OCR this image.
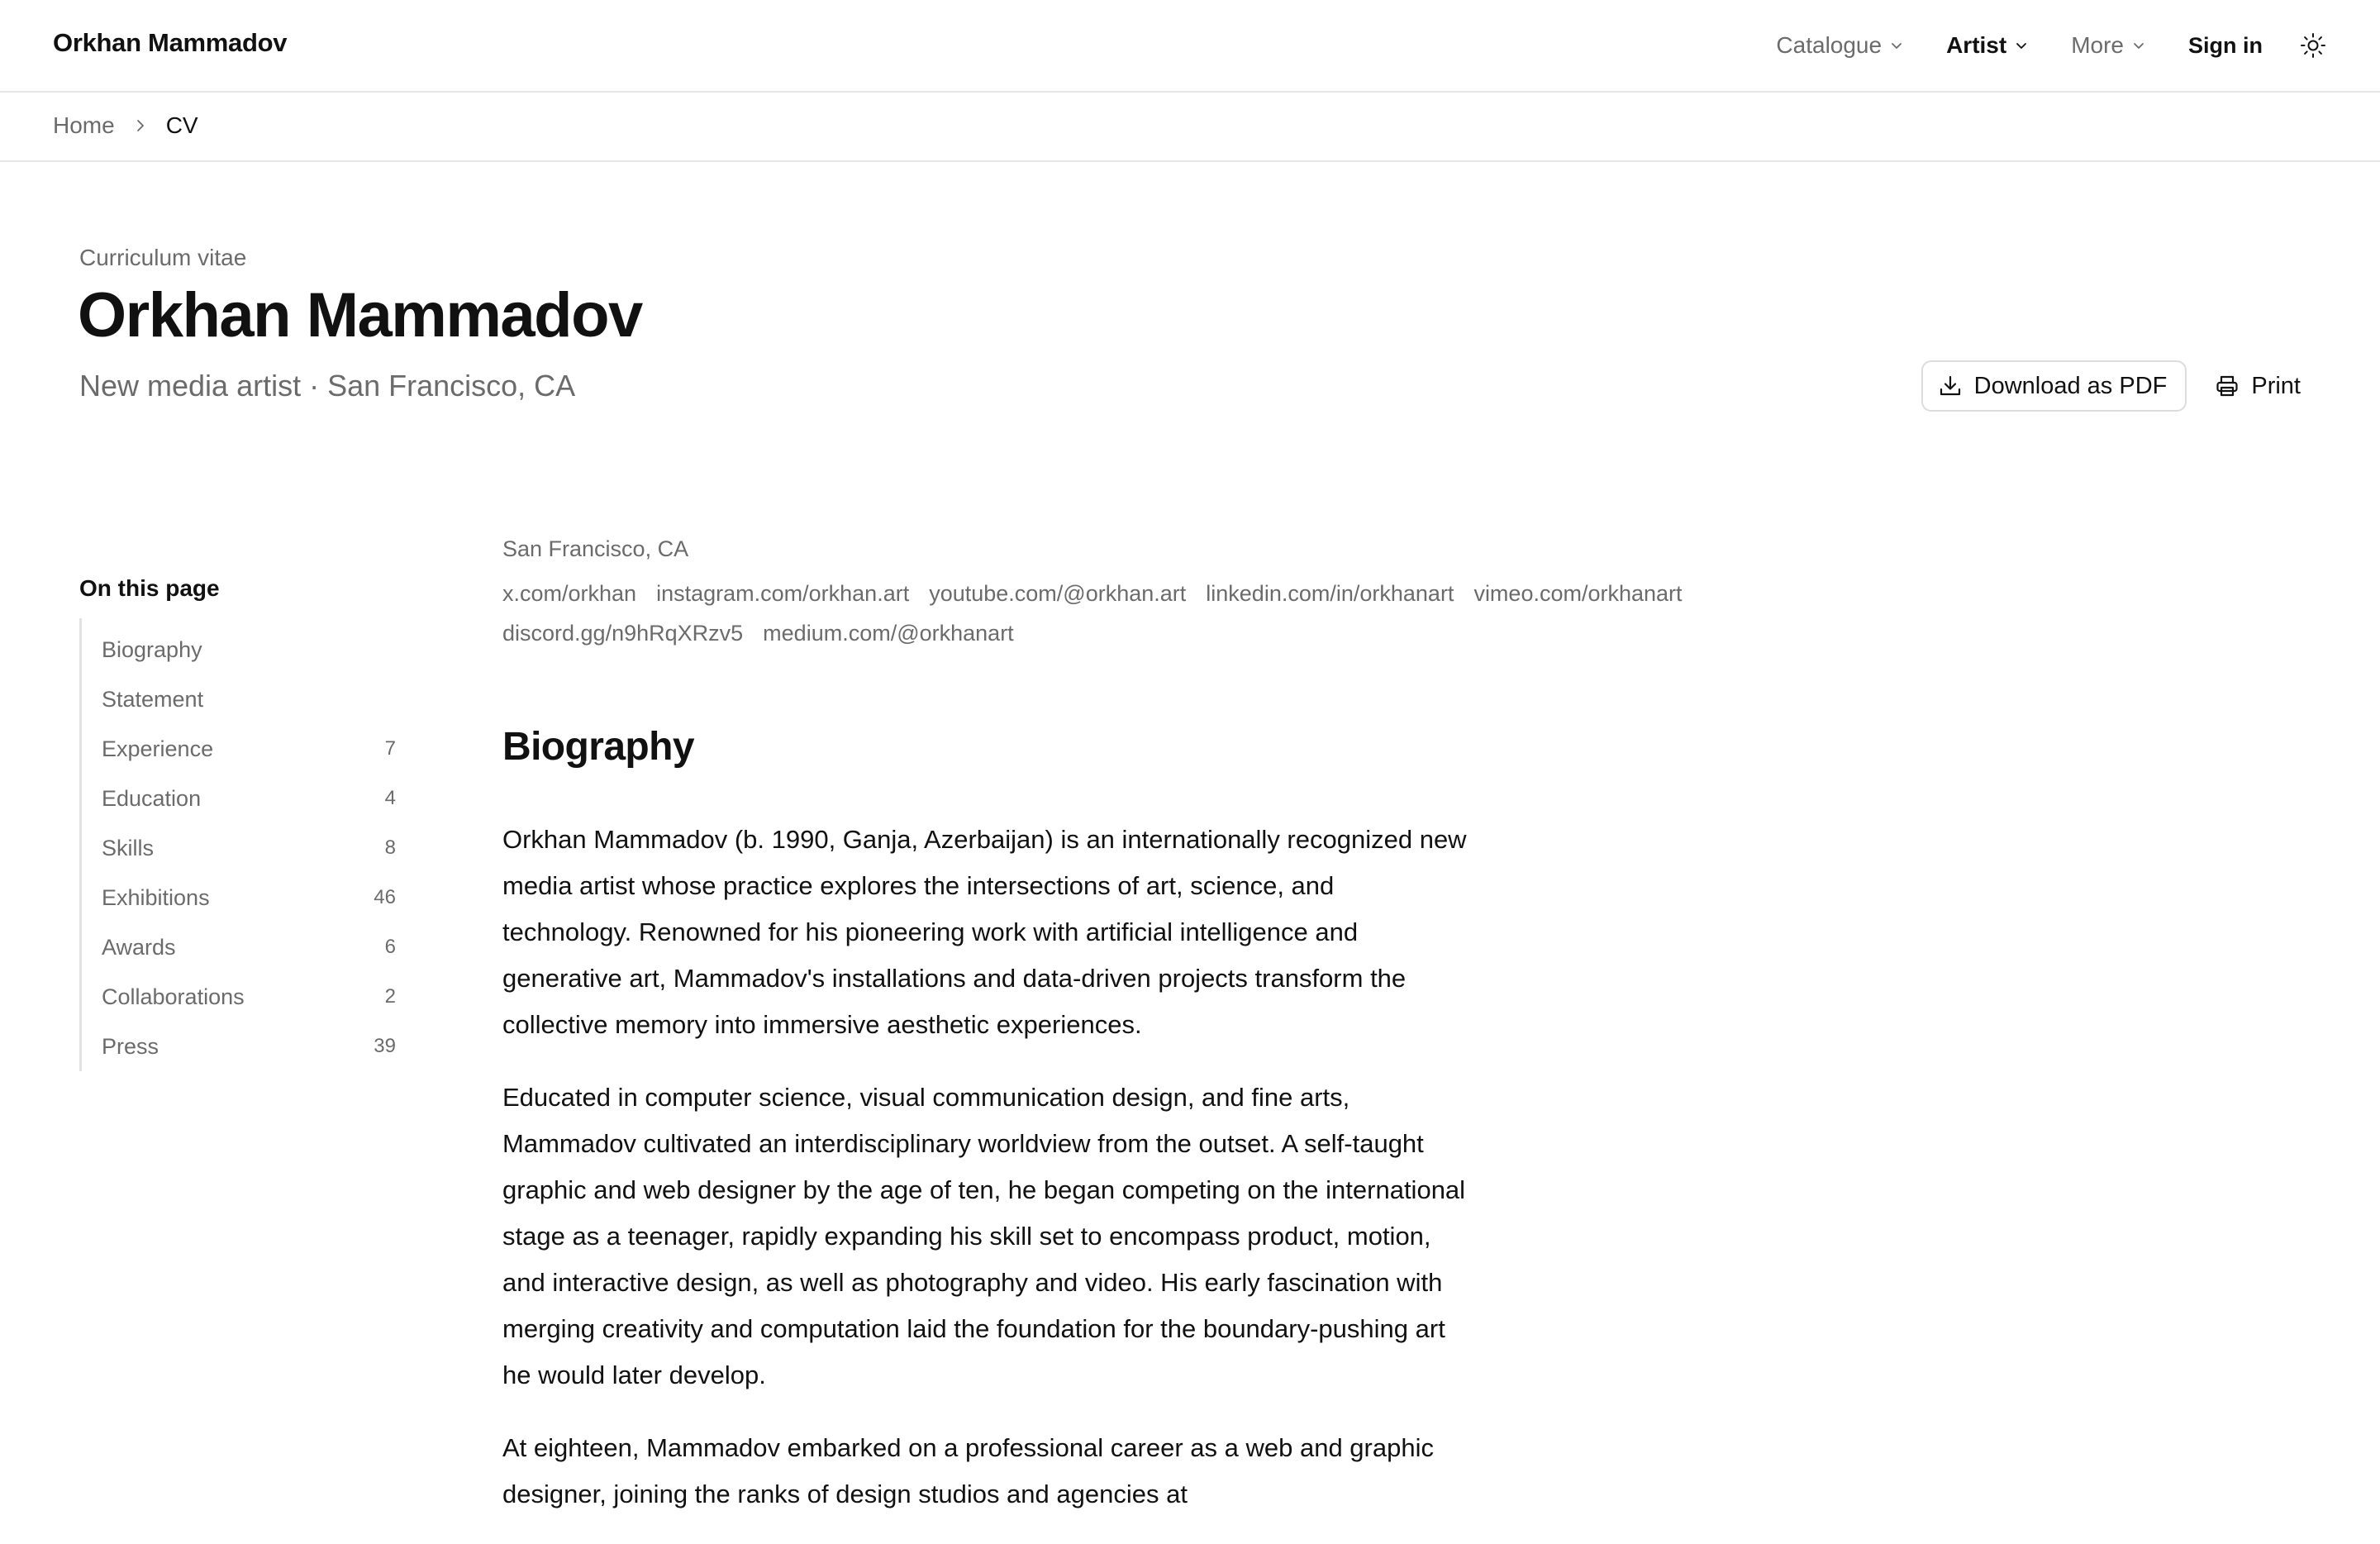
Orkhan Mammadov	Catalogue	Artist	More	Sign in
Home CV
Curriculum vitae
Orkhan Mammadov
New media artist · San Francisco, CA	Download as PDF	Print
On this page
Biography
Statement
Experience	7
Education	4
Skills	8
Exhibitions	46
Awards	6
Collaborations	2
Press	39
San Francisco, CA
x.com/orkhan instagram.com/orkhan.art youtube.com/@orkhan.art linkedin.com/in/orkhanart vimeo.com/orkhanart
discord.gg/n9hRqXRzv5 medium.com/@orkhanart
Biography

Orkhan Mammadov (b. 1990, Ganja, Azerbaijan) is an internationally recognized new media artist whose practice explores the intersections of art, science, and technology. Renowned for his pioneering work with artificial intelligence and generative art, Mammadov's installations and data-driven projects transform the collective memory into immersive aesthetic experiences.

Educated in computer science, visual communication design, and fine arts, Mammadov cultivated an interdisciplinary worldview from the outset. A self-taught graphic and web designer by the age of ten, he began competing on the international stage as a teenager, rapidly expanding his skill set to encompass product, motion, and interactive design, as well as photography and video. His early fascination with merging creativity and computation laid the foundation for the boundary-pushing art he would later develop.

At eighteen, Mammadov embarked on a professional career as a web and graphic designer, joining the ranks of design studios and agencies at
